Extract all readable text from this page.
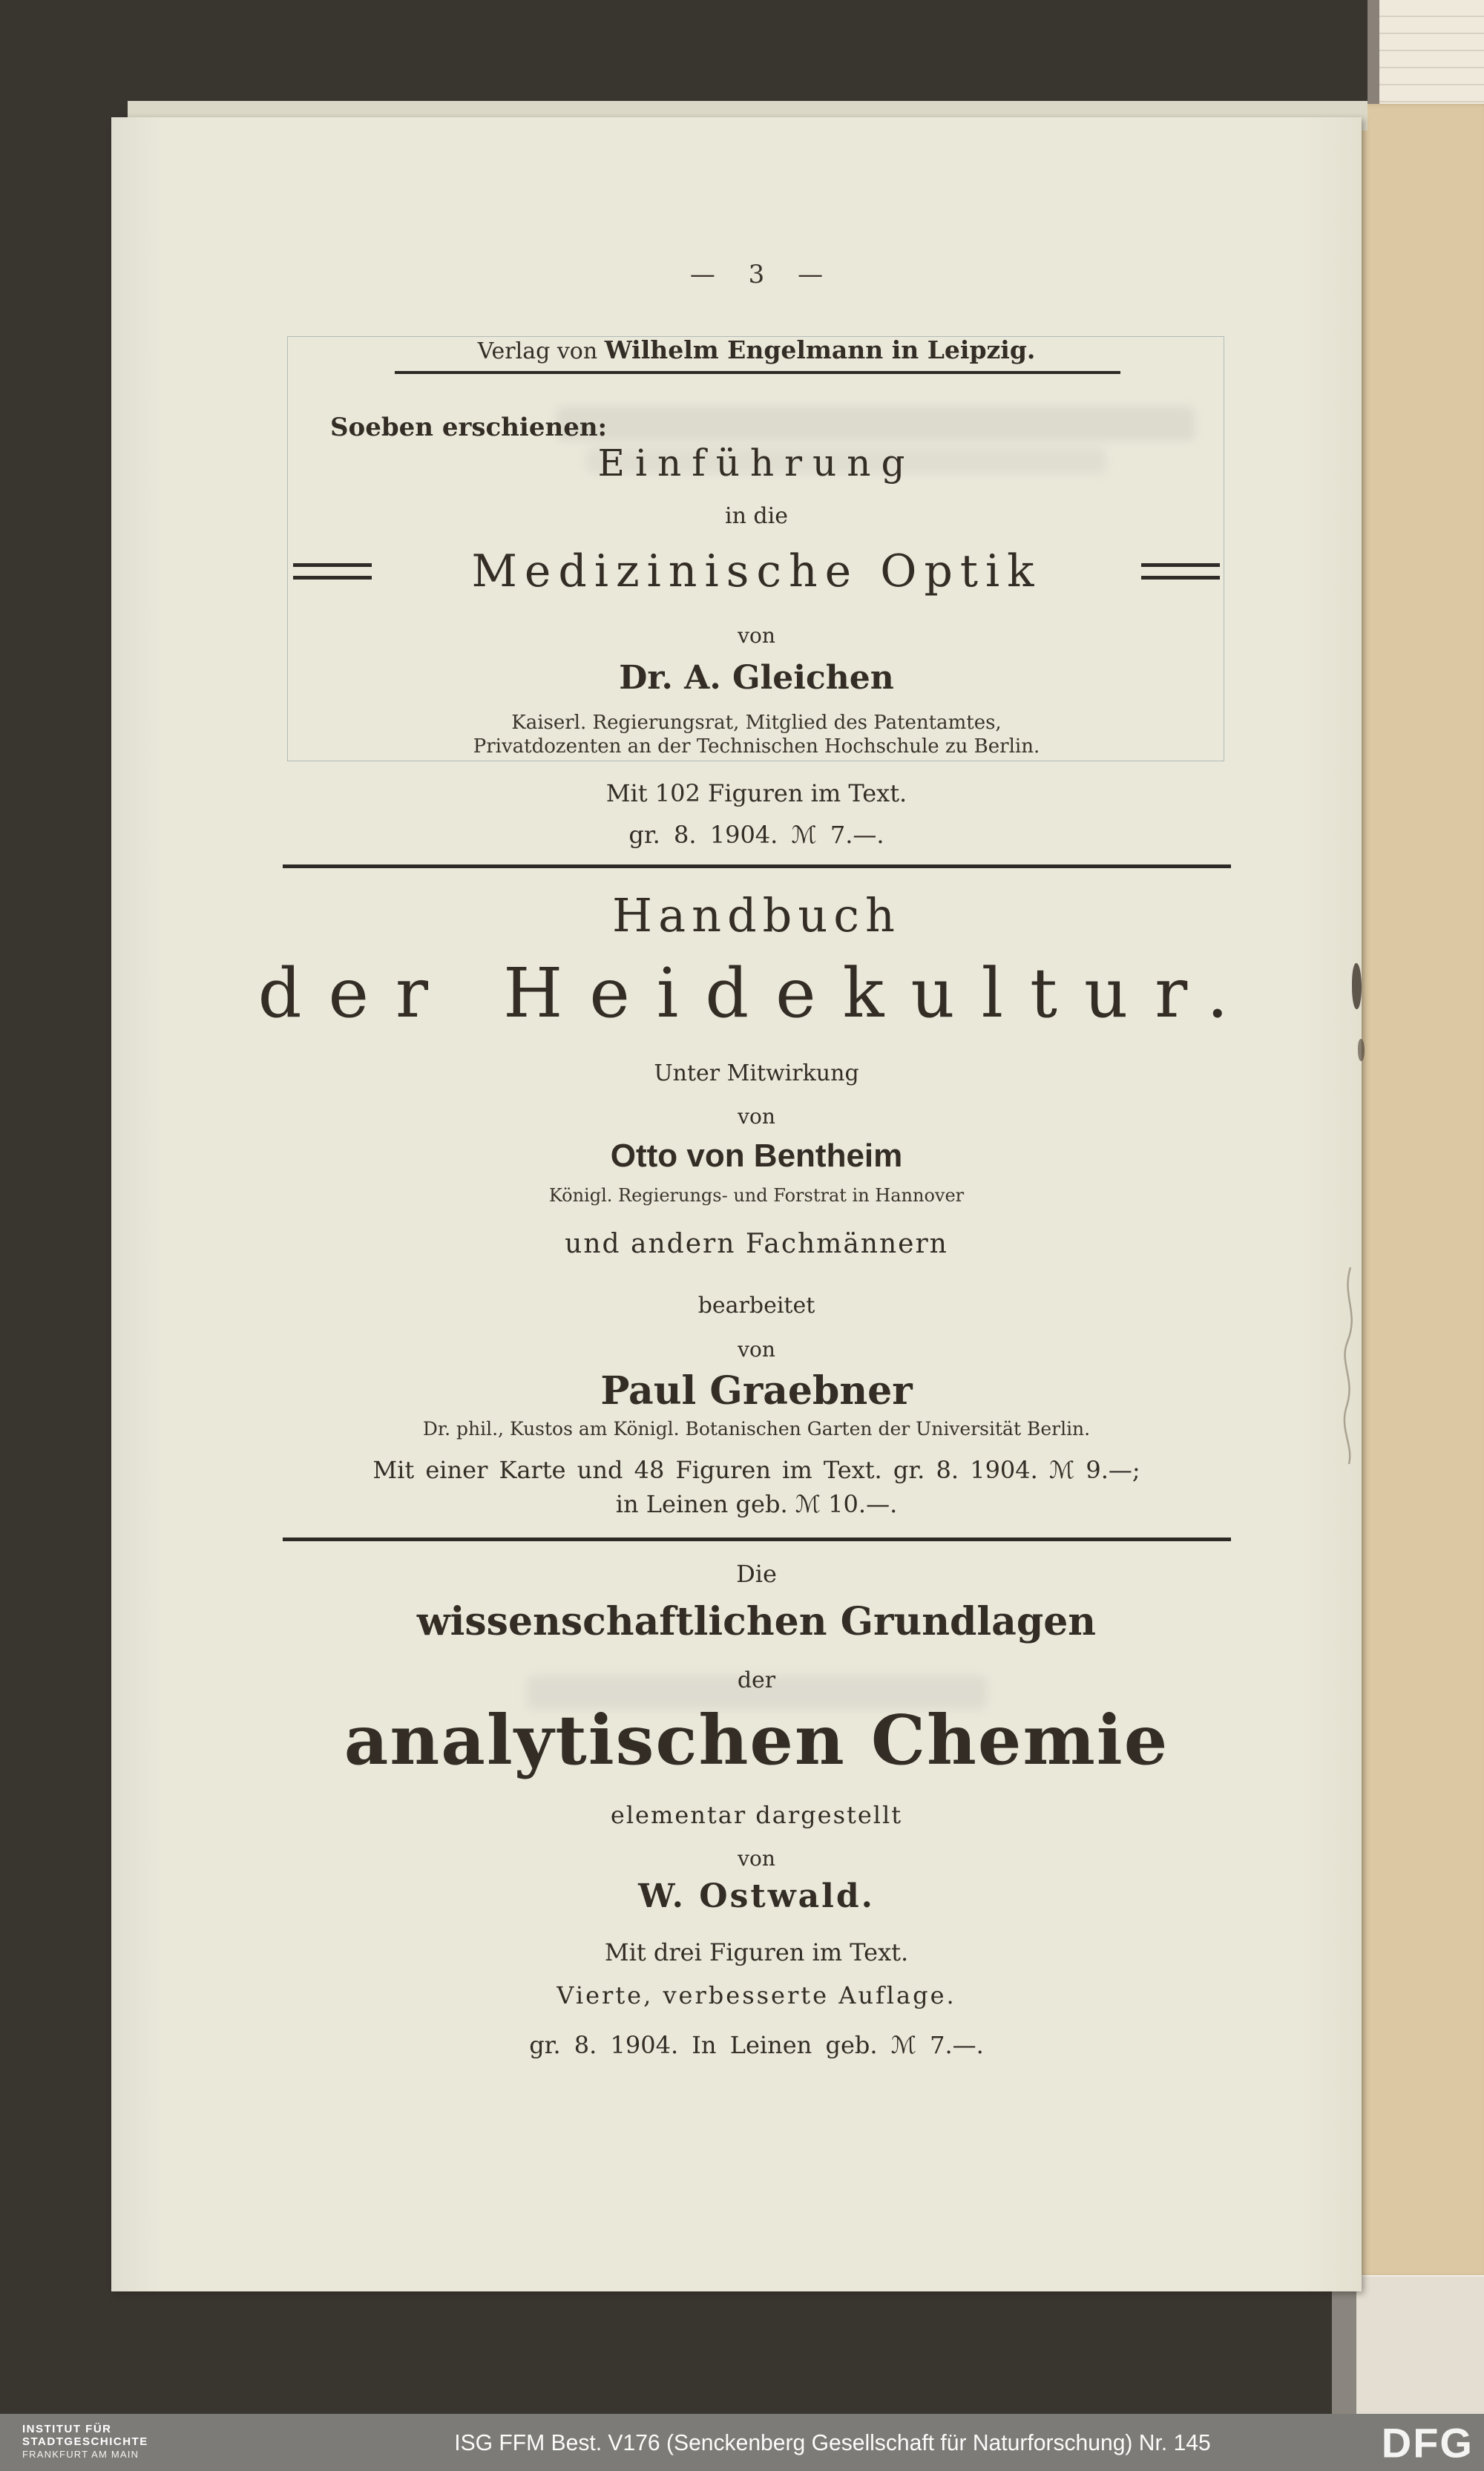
— 3 —
Verlag von Wilhelm Engelmann in Leipzig.
Soeben erschienen:
Einführung
in die
Medizinische Optik
von
Dr. A. Gleichen
Kaiserl. Regierungsrat, Mitglied des Patentamtes,
Privatdozenten an der Technischen Hochschule zu Berlin.
Mit 102 Figuren im Text.
gr. 8. 1904. ℳ 7.—.
Handbuch
der Heidekultur.
Unter Mitwirkung
von
Otto von Bentheim
Königl. Regierungs- und Forstrat in Hannover
und andern Fachmännern
bearbeitet
von
Paul Graebner
Dr. phil., Kustos am Königl. Botanischen Garten der Universität Berlin.
Mit einer Karte und 48 Figuren im Text. gr. 8. 1904. ℳ 9.—;
in Leinen geb. ℳ 10.—.
Die
wissenschaftlichen Grundlagen
der
analytischen Chemie
elementar dargestellt
von
W. Ostwald.
Mit drei Figuren im Text.
Vierte, verbesserte Auflage.
gr. 8. 1904. In Leinen geb. ℳ 7.—.
INSTITUT FÜR
STADTGESCHICHTE
FRANKFURT AM MAIN	ISG FFM Best. V176 (Senckenberg Gesellschaft für Naturforschung) Nr. 145	DFG
